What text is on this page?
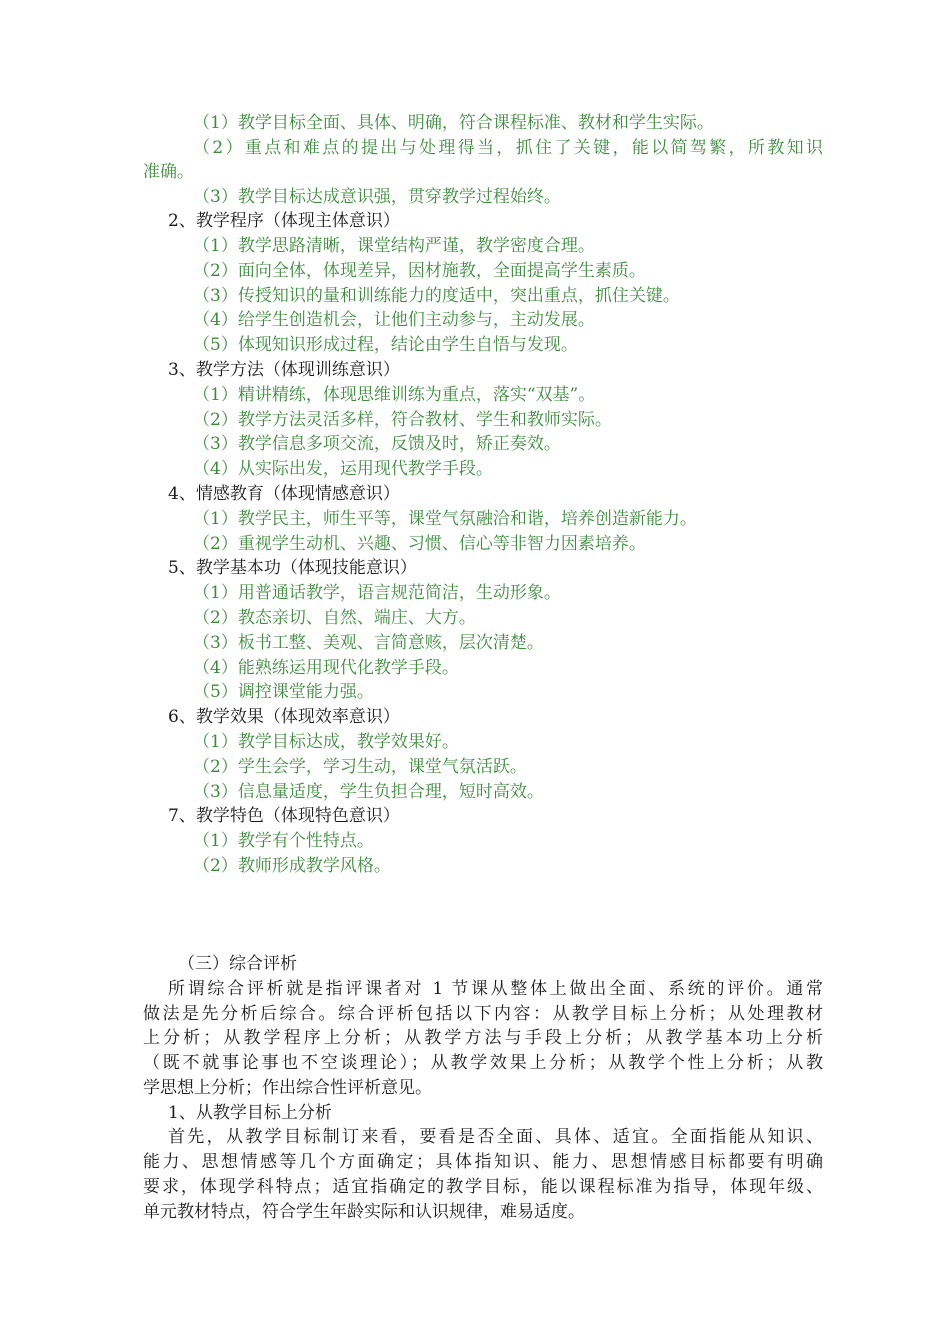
（1）教学目标全面、具体、明确，符合课程标准、教材和学生实际。
（2）重点和难点的提出与处理得当，抓住了关键，能以简驾繁，所教知识
准确。
（3）教学目标达成意识强，贯穿教学过程始终。
2、教学程序（体现主体意识）
（1）教学思路清晰，课堂结构严谨，教学密度合理。
（2）面向全体，体现差异，因材施教，全面提高学生素质。
（3）传授知识的量和训练能力的度适中，突出重点，抓住关键。
（4）给学生创造机会，让他们主动参与，主动发展。
（5）体现知识形成过程，结论由学生自悟与发现。
3、教学方法（体现训练意识）
（1）精讲精练，体现思维训练为重点，落实“双基”。
（2）教学方法灵活多样，符合教材、学生和教师实际。
（3）教学信息多项交流，反馈及时，矫正奏效。
（4）从实际出发，运用现代教学手段。
4、情感教育（体现情感意识）
（1）教学民主，师生平等，课堂气氛融洽和谐，培养创造新能力。
（2）重视学生动机、兴趣、习惯、信心等非智力因素培养。
5、教学基本功（体现技能意识）
（1）用普通话教学，语言规范简洁，生动形象。
（2）教态亲切、自然、端庄、大方。
（3）板书工整、美观、言简意赅，层次清楚。
（4）能熟练运用现代化教学手段。
（5）调控课堂能力强。
6、教学效果（体现效率意识）
（1）教学目标达成，教学效果好。
（2）学生会学，学习生动，课堂气氛活跃。
（3）信息量适度，学生负担合理，短时高效。
7、教学特色（体现特色意识）
（1）教学有个性特点。
（2）教师形成教学风格。
（三）综合评析
所谓综合评析就是指评课者对 1 节课从整体上做出全面、系统的评价。通常
做法是先分析后综合。综合评析包括以下内容：从教学目标上分析；从处理教材
上分析；从教学程序上分析；从教学方法与手段上分析；从教学基本功上分析
（既不就事论事也不空谈理论）；从教学效果上分析；从教学个性上分析；从教
学思想上分析；作出综合性评析意见。
1、从教学目标上分析
首先，从教学目标制订来看，要看是否全面、具体、适宜。全面指能从知识、
能力、思想情感等几个方面确定；具体指知识、能力、思想情感目标都要有明确
要求，体现学科特点；适宜指确定的教学目标，能以课程标准为指导，体现年级、
单元教材特点，符合学生年龄实际和认识规律，难易适度。
